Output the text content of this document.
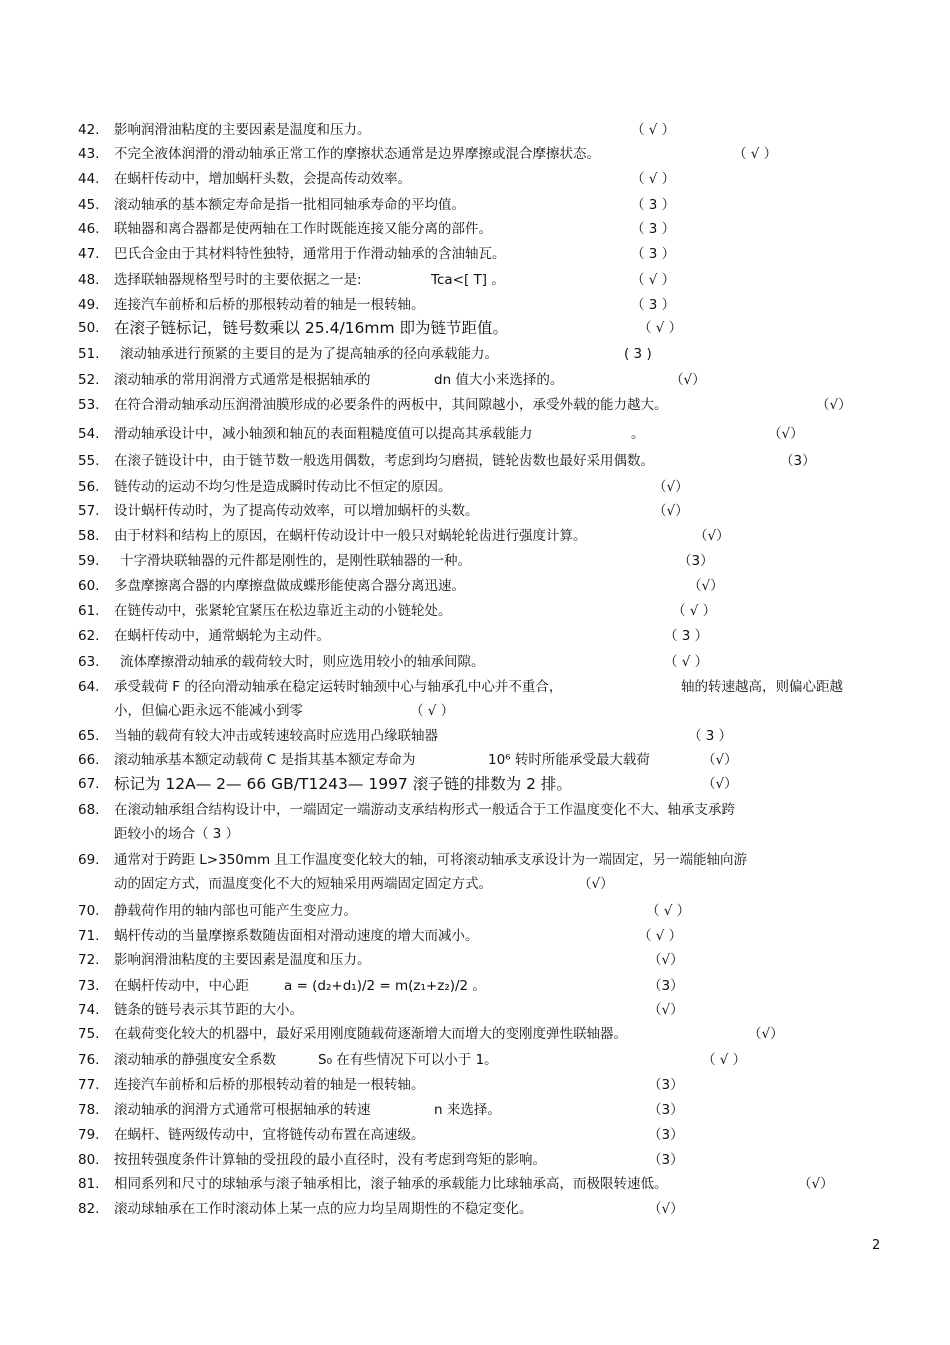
42.	影响润滑油粘度的主要因素是温度和压力。	（ √ ）
43.	不完全液体润滑的滑动轴承正常工作的摩擦状态通常是边界摩擦或混合摩擦状态。	（ √ ）
44.	在蜗杆传动中，增加蜗杆头数，会提高传动效率。	（ √ ）
45.	滚动轴承的基本额定寿命是指一批相同轴承寿命的平均值。	（ 3 ）
46.	联轴器和离合器都是使两轴在工作时既能连接又能分离的部件。	（ 3 ）
47.	巴氏合金由于其材料特性独特，通常用于作滑动轴承的含油轴瓦。	（ 3 ）
48.	选择联轴器规格型号时的主要依据之一是:	Tca<[ T] 。	（ √ ）
49.	连接汽车前桥和后桥的那根转动着的轴是一根转轴。	（ 3 ）
50. 在滚子链标记，链号数乘以 25.4/16mm 即为链节距值。	（ √ ）
51.	滚动轴承进行预紧的主要目的是为了提高轴承的径向承载能力。	( 3 )
52.	滚动轴承的常用润滑方式通常是根据轴承的	dn 值大小来选择的。	（√）
53.	在符合滑动轴承动压润滑油膜形成的必要条件的两板中，其间隙越小，承受外载的能力越大。	（√）
54.	滑动轴承设计中，减小轴颈和轴瓦的表面粗糙度值可以提高其承载能力	。	（√）
55.	在滚子链设计中，由于链节数一般选用偶数，考虑到均匀磨损，链轮齿数也最好采用偶数。	（3）
56.	链传动的运动不均匀性是造成瞬时传动比不恒定的原因。	（√）
57.	设计蜗杆传动时，为了提高传动效率，可以增加蜗杆的头数。	（√）
58.	由于材料和结构上的原因，在蜗杆传动设计中一般只对蜗轮轮齿进行强度计算。	（√）
59.	十字滑块联轴器的元件都是刚性的，是刚性联轴器的一种。	（3）
60.	多盘摩擦离合器的内摩擦盘做成蝶形能使离合器分离迅速。	（√）
61.	在链传动中，张紧轮宜紧压在松边靠近主动的小链轮处。	（ √ ）
62.	在蜗杆传动中，通常蜗轮为主动件。	（ 3 ）
63.	流体摩擦滑动轴承的载荷较大时，则应选用较小的轴承间隙。	（ √ ）
64.	承受载荷 F 的径向滑动轴承在稳定运转时轴颈中心与轴承孔中心并不重合，	轴的转速越高，则偏心距越
小，但偏心距永远不能减小到零	（ √ ）
65.	当轴的载荷有较大冲击或转速较高时应选用凸缘联轴器	（ 3 ）
66.	滚动轴承基本额定动载荷 C 是指其基本额定寿命为	10⁶ 转时所能承受最大载荷	（√）
67. 标记为 12A— 2— 66 GB/T1243— 1997 滚子链的排数为 2 排。	（√）
68.	在滚动轴承组合结构设计中，一端固定一端游动支承结构形式一般适合于工作温度变化不大、轴承支承跨
距较小的场合（ 3 ）
69.	通常对于跨距 L>350mm 且工作温度变化较大的轴，可将滚动轴承支承设计为一端固定，另一端能轴向游
动的固定方式，而温度变化不大的短轴采用两端固定固定方式。	（√）
70.	静载荷作用的轴内部也可能产生变应力。	（ √ ）
71.	蜗杆传动的当量摩擦系数随齿面相对滑动速度的增大而减小。	（ √ ）
72.	影响润滑油粘度的主要因素是温度和压力。	（√）
73.	在蜗杆传动中，中心距	a = (d₂+d₁)/2 = m(z₁+z₂)/2 。	（3）
74.	链条的链号表示其节距的大小。	（√）
75.	在载荷变化较大的机器中，最好采用刚度随载荷逐渐增大而增大的变刚度弹性联轴器。	（√）
76.	滚动轴承的静强度安全系数	S₀ 在有些情况下可以小于 1。	（ √ ）
77.	连接汽车前桥和后桥的那根转动着的轴是一根转轴。	（3）
78.	滚动轴承的润滑方式通常可根据轴承的转速	n 来选择。	（3）
79.	在蜗杆、链两级传动中，宜将链传动布置在高速级。	（3）
80.	按扭转强度条件计算轴的受扭段的最小直径时，没有考虑到弯矩的影响。	（3）
81.	相同系列和尺寸的球轴承与滚子轴承相比，滚子轴承的承载能力比球轴承高，而极限转速低。	（√）
82.	滚动球轴承在工作时滚动体上某一点的应力均呈周期性的不稳定变化。	（√）
2
